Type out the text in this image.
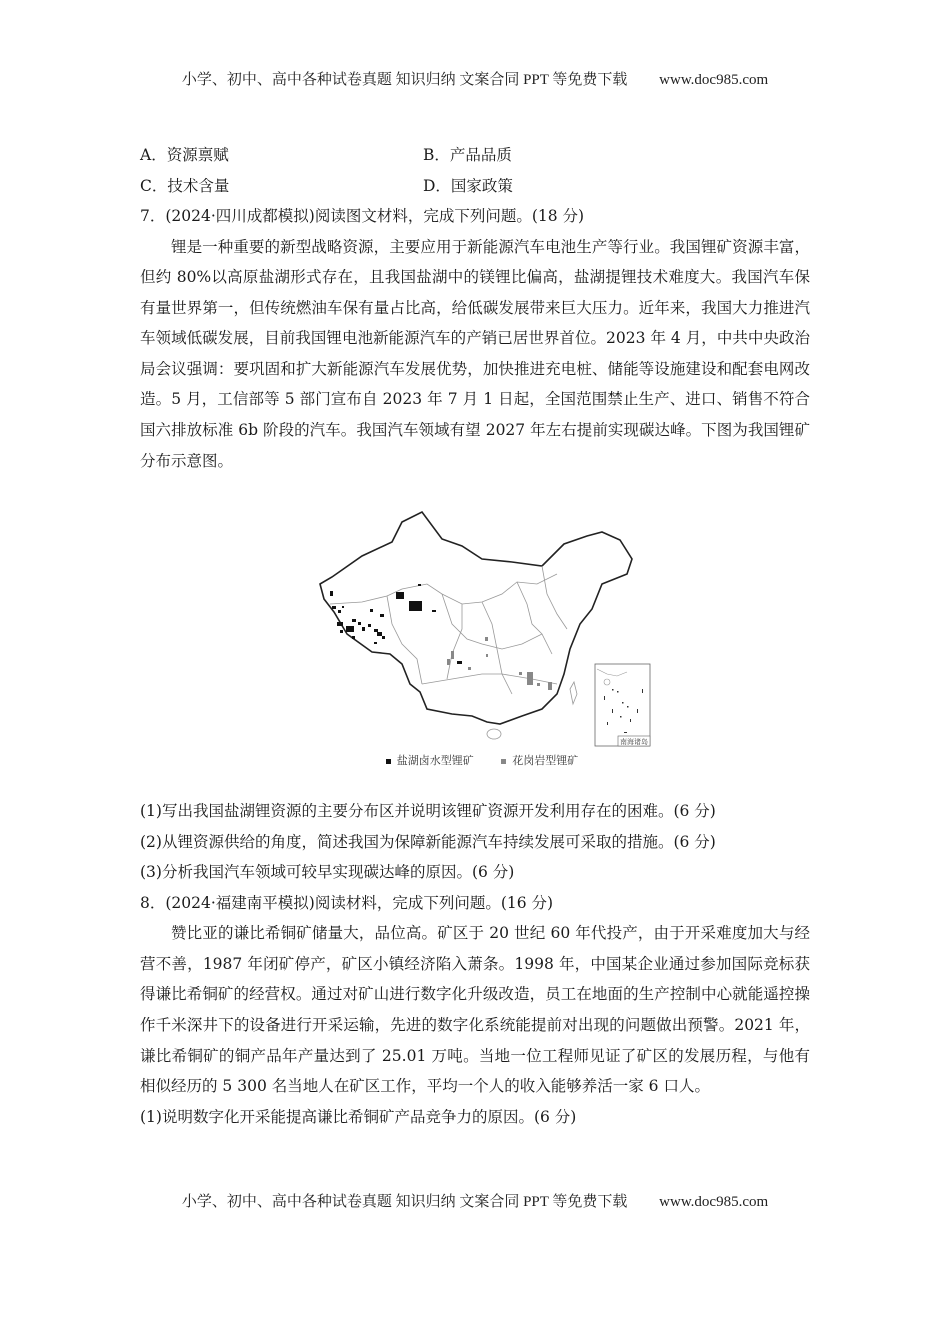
小学、初中、高中各种试卷真题 知识归纳 文案合同 PPT 等免费下载 www.doc985.com
A．资源禀赋	B．产品品质
C．技术含量	D．国家政策
7．(2024·四川成都模拟)阅读图文材料，完成下列问题。(18 分)
锂是一种重要的新型战略资源，主要应用于新能源汽车电池生产等行业。我国锂矿资源丰富，但约 80%以高原盐湖形式存在，且我国盐湖中的镁锂比偏高，盐湖提锂技术难度大。我国汽车保有量世界第一，但传统燃油车保有量占比高，给低碳发展带来巨大压力。近年来，我国大力推进汽车领域低碳发展，目前我国锂电池新能源汽车的产销已居世界首位。2023 年 4 月，中共中央政治局会议强调：要巩固和扩大新能源汽车发展优势，加快推进充电桩、储能等设施建设和配套电网改造。5 月，工信部等 5 部门宣布自 2023 年 7 月 1 日起，全国范围禁止生产、进口、销售不符合国六排放标准 6b 阶段的汽车。我国汽车领域有望 2027 年左右提前实现碳达峰。下图为我国锂矿分布示意图。
南海诸岛
盐湖卤水型锂矿	花岗岩型锂矿
(1)写出我国盐湖锂资源的主要分布区并说明该锂矿资源开发利用存在的困难。(6 分)
(2)从锂资源供给的角度，简述我国为保障新能源汽车持续发展可采取的措施。(6 分)
(3)分析我国汽车领域可较早实现碳达峰的原因。(6 分)
8．(2024·福建南平模拟)阅读材料，完成下列问题。(16 分)
赞比亚的谦比希铜矿储量大，品位高。矿区于 20 世纪 60 年代投产，由于开采难度加大与经营不善，1987 年闭矿停产，矿区小镇经济陷入萧条。1998 年，中国某企业通过参加国际竞标获得谦比希铜矿的经营权。通过对矿山进行数字化升级改造，员工在地面的生产控制中心就能遥控操作千米深井下的设备进行开采运输，先进的数字化系统能提前对出现的问题做出预警。2021 年，谦比希铜矿的铜产品年产量达到了 25.01 万吨。当地一位工程师见证了矿区的发展历程，与他有相似经历的 5 300 名当地人在矿区工作，平均一个人的收入能够养活一家 6 口人。
(1)说明数字化开采能提高谦比希铜矿产品竞争力的原因。(6 分)
小学、初中、高中各种试卷真题 知识归纳 文案合同 PPT 等免费下载 www.doc985.com
